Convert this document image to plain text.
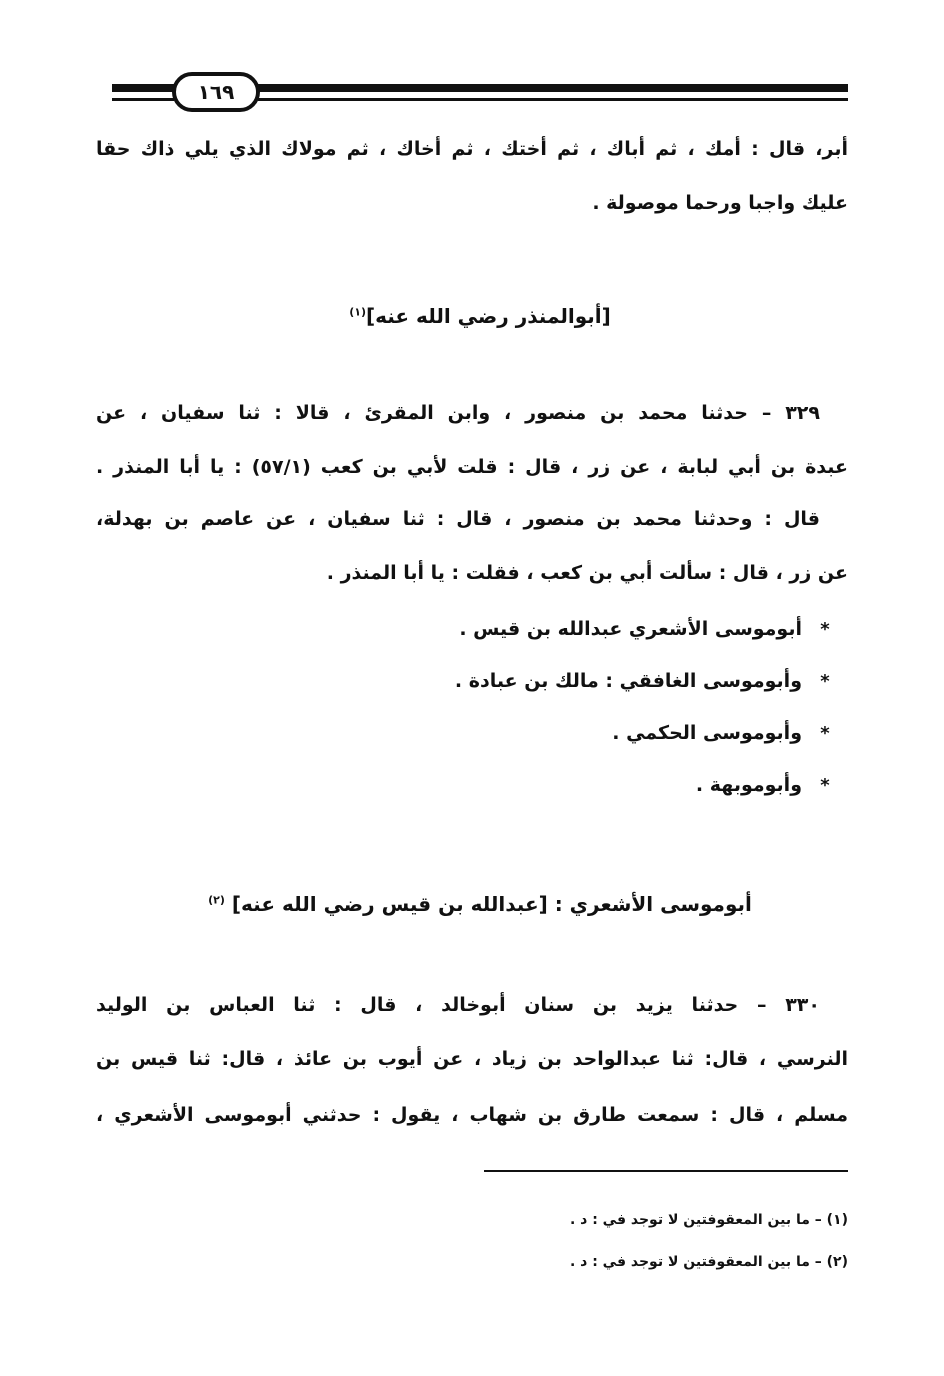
١٦٩
أبر، قال : أمك ، ثم أباك ، ثم أختك ، ثم أخاك ، ثم مولاك الذي يلي ذاك حقا
عليك واجبا ورحما موصولة .
[أبوالمنذر رضي الله عنه]$^{(١)}$
٣٢٩ – حدثنا محمد بن منصور ، وابن المقرئ ، قالا : ثنا سفيان ، عن
عبدة بن أبي لبابة ، عن زر ، قال : قلت لأبي بن كعب (٥٧/١) : يا أبا المنذر .
قال : وحدثنا محمد بن منصور ، قال : ثنا سفيان ، عن عاصم بن بهدلة،
عن زر ، قال : سألت أبي بن كعب ، فقلت : يا أبا المنذر .
*أبوموسى الأشعري عبدالله بن قيس .
*وأبوموسى الغافقي : مالك بن عبادة .
*وأبوموسى الحكمي .
*وأبوموبهة .
أبوموسى الأشعري : [عبدالله بن قيس رضي الله عنه] $^{(٢)}$
٣٣٠ – حدثنا يزيد بن سنان أبوخالد ، قال : ثنا العباس بن الوليد
النرسي ، قال: ثنا عبدالواحد بن زياد ، عن أيوب بن عائذ ، قال: ثنا قيس بن
مسلم ، قال : سمعت طارق بن شهاب ، يقول : حدثني أبوموسى الأشعري ،
(١) – ما بين المعقوفتين لا توجد في : د .
(٢) – ما بين المعقوفتين لا توجد في : د .
